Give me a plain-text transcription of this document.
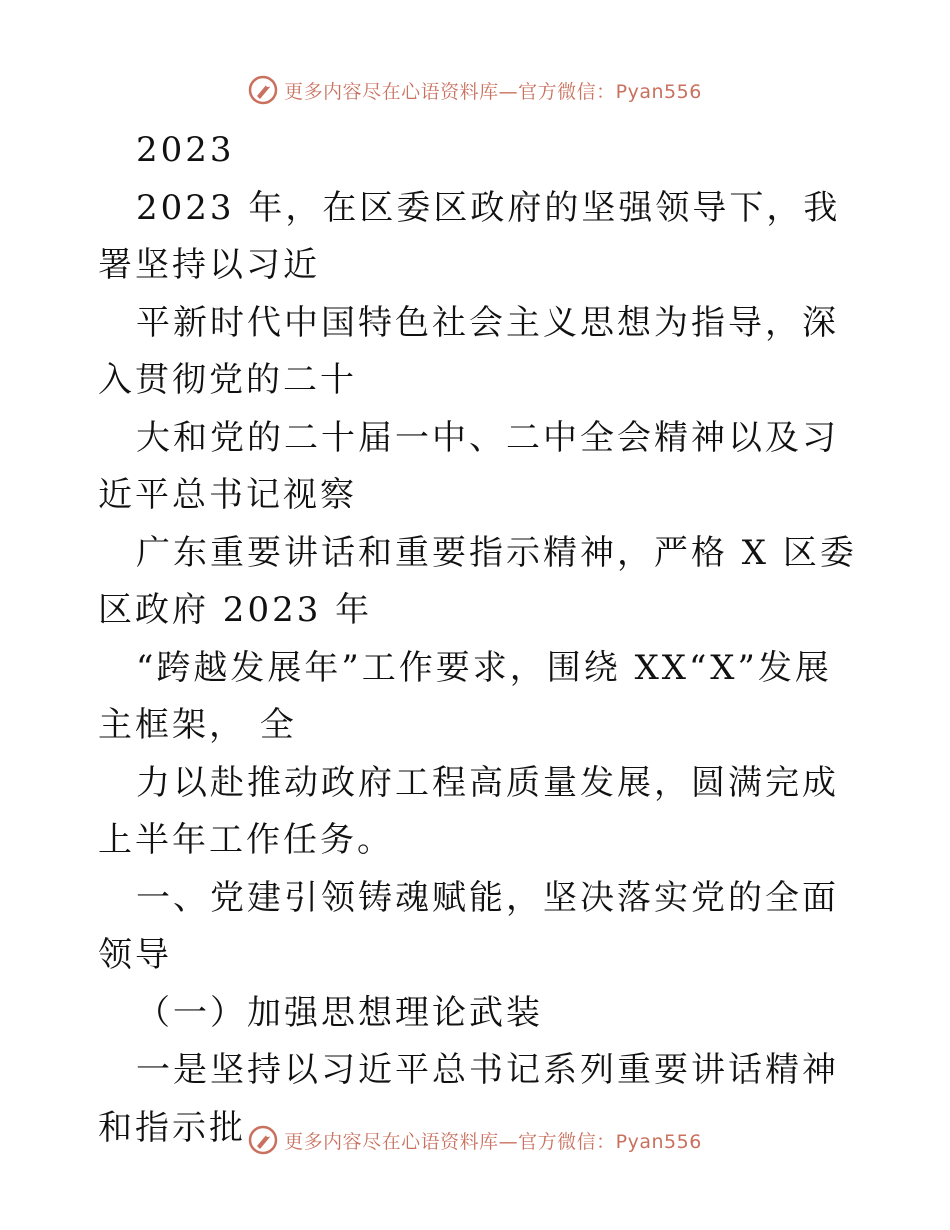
更多内容尽在心语资料库—官方微信：Pyan556

2023

2023 年，在区委区政府的坚强领导下，我署坚持以习近

平新时代中国特色社会主义思想为指导，深入贯彻党的二十

大和党的二十届一中、二中全会精神以及习近平总书记视察

广东重要讲话和重要指示精神，严格 X 区委区政府 2023 年

“跨越发展年”工作要求，围绕 XX“X”发展主框架， 全

力以赴推动政府工程高质量发展，圆满完成上半年工作任务。

一、党建引领铸魂赋能，坚决落实党的全面领导

（一）加强思想理论武装

一是坚持以习近平总书记系列重要讲话精神和指示批	更多内容尽在心语资料库—官方微信：Pyan556
